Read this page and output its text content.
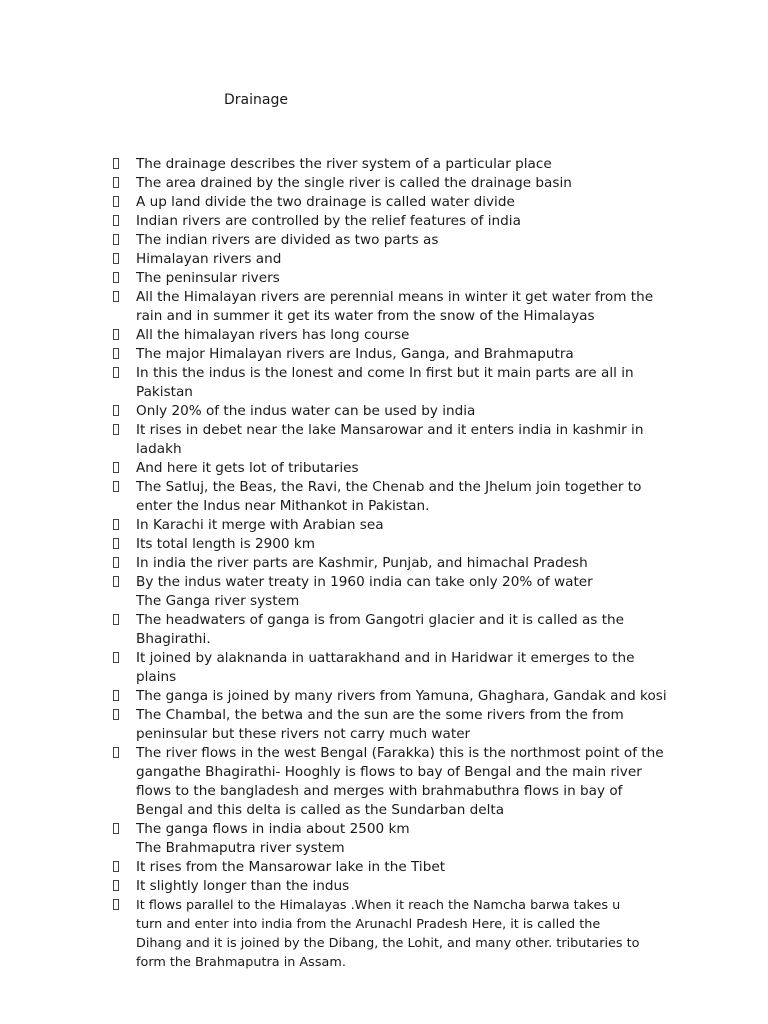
Drainage
The drainage describes the river system of a particular place
The area drained by the single river is called the drainage basin
A up land divide the two drainage is called water divide
Indian rivers are controlled by the relief features of india
The indian rivers are divided as two parts as
Himalayan rivers and
The peninsular rivers
All the Himalayan rivers are perennial means in winter it get water from the
rain and in summer it get its water from the snow of the Himalayas
All the himalayan rivers has long course
The major Himalayan rivers are Indus, Ganga, and Brahmaputra
In this the indus is the lonest and come In first but it main parts are all in
Pakistan
Only 20% of the indus water can be used by india
It rises in debet near the lake Mansarowar and it enters india in kashmir in
ladakh
And here it gets lot of tributaries
The Satluj, the Beas, the Ravi, the Chenab and the Jhelum join together to
enter the Indus near Mithankot in Pakistan.
In Karachi it merge with Arabian sea
Its total length is 2900 km
In india the river parts are Kashmir, Punjab, and himachal Pradesh
By the indus water treaty in 1960 india can take only 20% of water
The Ganga river system
The headwaters of ganga is from Gangotri glacier and it is called as the
Bhagirathi.
It joined by alaknanda in uattarakhand and in Haridwar it emerges to the
plains
The ganga is joined by many rivers from Yamuna, Ghaghara, Gandak and kosi
The Chambal, the betwa and the sun are the some rivers from the from
peninsular but these rivers not carry much water
The river flows in the west Bengal (Farakka) this is the northmost point of the
gangathe Bhagirathi- Hooghly is flows to bay of Bengal and the main river
flows to the bangladesh and merges with brahmabuthra flows in bay of
Bengal and this delta is called as the Sundarban delta
The ganga flows in india about 2500 km
The Brahmaputra river system
It rises from the Mansarowar lake in the Tibet
It slightly longer than the indus
It flows parallel to the Himalayas .When it reach the Namcha barwa takes u
turn and enter into india from the Arunachl Pradesh Here, it is called the
Dihang and it is joined by the Dibang, the Lohit, and many other. tributaries to
form the Brahmaputra in Assam.
